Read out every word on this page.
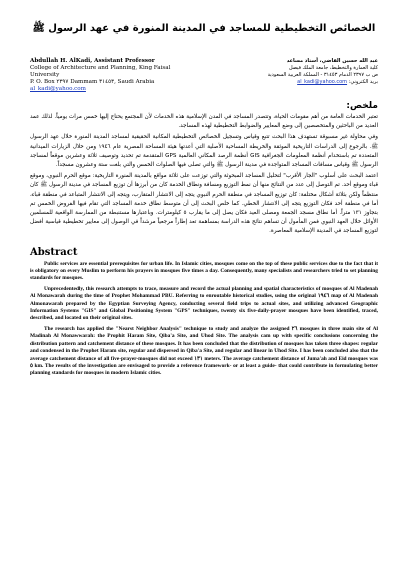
الخصائص التخطيطية للمساجد في المدينة المنورة في عهد الرسول ﷺ
Abdullah H. AlKadi, Assistant Professor
College of Architecture and Planning, King Faisal University
P. O. Box ٢٣٩٧ Dammam ٣١٤٥٣, Saudi Arabia
al_kadi@yahoo.com
عبد الله حسين القاضي، أستاذ مساعد
كلية العمارة والتخطيط، جامعة الملك فيصل
ص ب ٢٣٩٧ الدمام ٣١٤٥٣ - المملكة العربية السعودية
بريد الكتروني: al_kadi@yahoo.com
ملخص:

تعتبر الخدمات العامة من أهم مقومات الحياة، وتتصدر المساجد في المدن الإسلامية هذه الخدمات لأن المجتمع يحتاج إليها خمس مرات يومياً. لذلك عمد العديد من الباحثين والمتخصصين إلى وضع المعايير والضوابط التخطيطية لهذه المساجد.

وفي محاولة غير مسبوقة تستهدف هذا البحث تتبع وقياس وتسجيل الخصائص التخطيطية المكانية الحقيقية لمساجد المدينة المنورة خلال عهد الرسول ﷺ. بالرجوع إلى الدراسات التاريخية الموثقة والخريطة المساحية الأصلية التي أعدتها هيئة المساحة المصرية عام ١٩٤٦ ومن خلال الزيارات الميدانية المتعددة تم باستخدام أنظمة المعلومات الجغرافية GIS أنظمة الرصد المكاني العالمية GPS المتقدمة تم تحديد وتوصيف ثلاثة وعشرين موقعاً لمساجد الرسول ﷺ وقياس مسافات المساجد المتواجدة في مدينة الرسول ﷺ والتي تصلى فيها الصلوات الخمس والتي بلغت ستة وعشرون مسجداً.

اعتمد البحث على أسلوب "الجار الأقرب" لتحليل المساجد المبحوثة والتي توزعت على ثلاثة مواقع بالمدينة المنورة التاريخية: موقع الحرم النبوي، وموقع قباء وموقع أحد. تم التوصل إلى عدد من النتائج منها أن نمط التوزيع ومسافة ونطاق الخدمة كان من أبرزها أن توزيع المساجد في مدينة الرسول ﷺ كان منتظماً ولكن بثلاثة أشكال مختلفة: كان توزيع المساجد في منطقة الحرم النبوي يتجه إلى الانتشار المتقارب، ويتجه إلى الانتشار المتباعد في منطقة قباء، أما في منطقة أحد فكان التوزيع يتجه إلى الانتشار الخطي. كما خلص البحث إلى أن متوسط نطاق خدمة المساجد التي تقام فيها الفروض الخمس تم بتجاوز ١٣١ متراً. أما نطاق مسجد الجمعة ومصلى العيد فكان يصل إلى ما يقارب ٥ كيلومترات. وباعتبارها مستنبطة من الممارسة الواقعية للمسلمين الأوائل خلال العهد النبوي فمن المأمول أن تساهم نتائج هذه الدراسة بمساهمة تعد إطاراً مرجعياً مرشداً في الوصول إلى معايير تخطيطية قياسية أفضل لتوزيع المساجد في المدينة الإسلامية المعاصرة.

Abstract

Public services are essential prerequisites for urban life. In Islamic cities, mosques come on the top of these public services due to the fact that it is obligatory on every Muslim to perform his prayers in mosques five times a day. Consequently, many specialists and researchers tried to set planning standards for mosques.

Unprecedentedly, this research attempts to trace, measure and record the actual planning and spatial characteristics of mosques of Al Madenah Al Monawarah during the time of Prophet Mohammad PBU. Referring to enroutable historical studies, using the original ١٩٤٦ map of Al Madenah Almonawarah prepared by the Egyptian Surveying Agency, conducting several field trips to actual sites, and utilizing advanced Geographic Information Systems "GIS" and Global Positioning System "GPS" techniques, twenty six five-daily-prayer mosques have been identified, traced, described, and located on their original sites.

The research has applied the "Nearst Neighbor Analysis" technique to study and analyze the assigned ٢٦ mosques in three main site of Al Madinah Al Monawwarah: the Prophit Haram Site, Qiba'a Site, and Uhod Site. The analysis cam up with specific conclusions concerning the distribution pattern and catchement distance of these mosques. It has been concluded that the distribution of mosques has taken three shapes: regular and condensed in the Prophet Haram site, regular and dispersed in Qiba'a Site, and regular and linear in Uhod Site. I has been concluded also that the average catchement distance of all five-prayer-mosques did not exceed ١٣١ meters. The average catchement distance of Juma'ah and Eid mosques was ٥ km. The results of the investigation are envisaged to provide a reference framework- or at least a guide- that could contribute in formulating better planning standards for mosques in modern Islamic cities.
